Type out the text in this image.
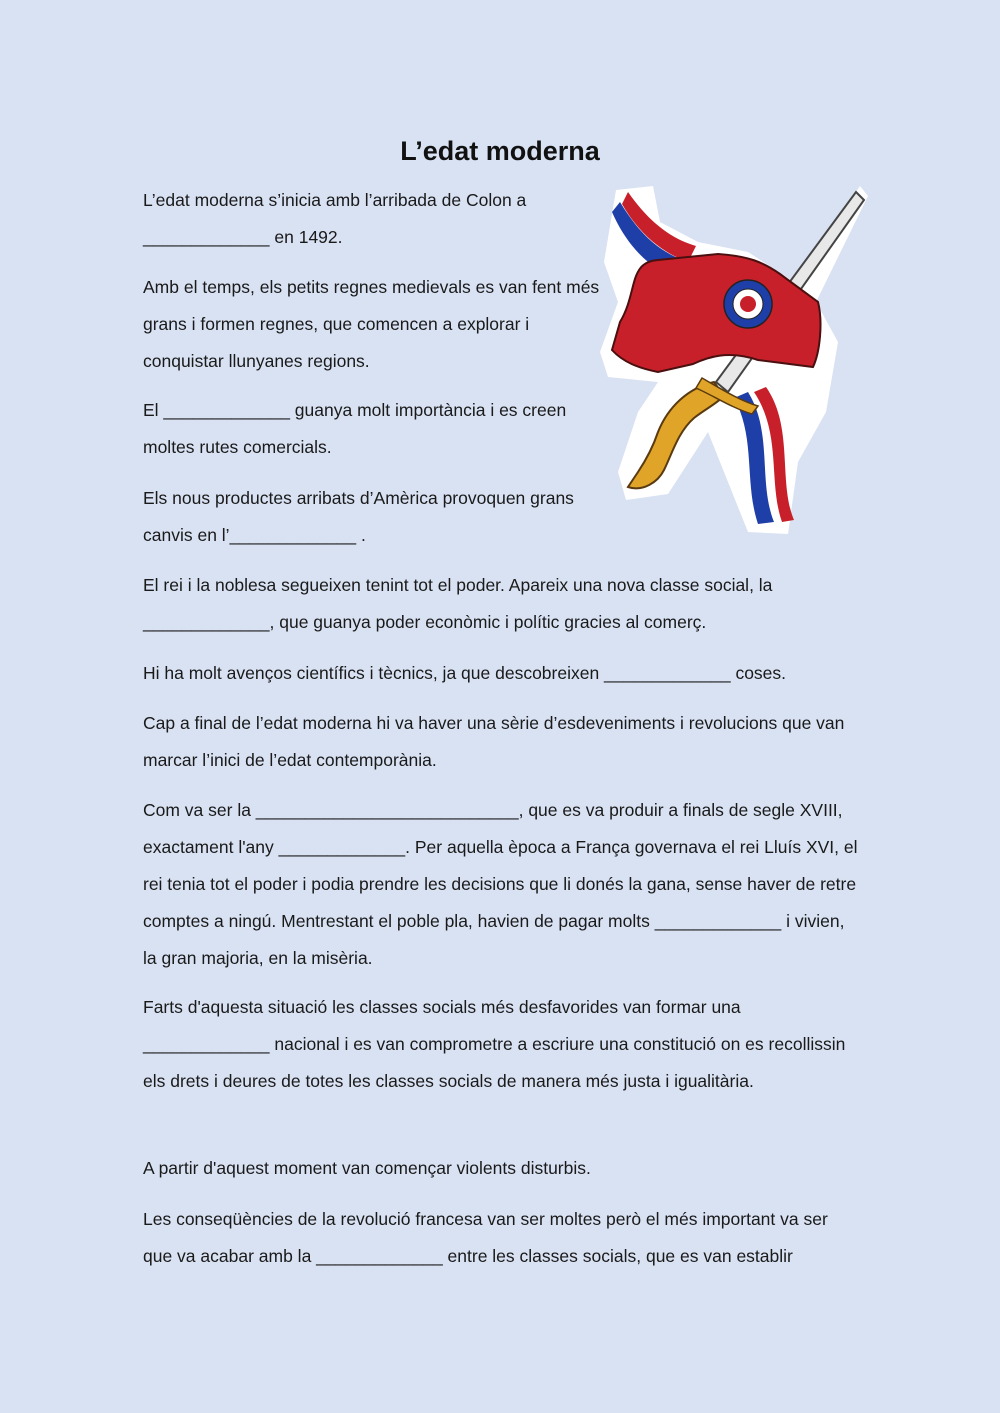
L’edat moderna

L’edat moderna s’inicia amb l’arribada de Colon a _____________ en 1492.

Amb el temps, els petits regnes medievals es van fent més grans i formen regnes, que comencen a explorar i conquistar llunyanes regions.

El _____________ guanya molt importància i es creen moltes rutes comercials.

Els nous productes arribats d’Amèrica provoquen grans canvis en l’_____________ .

El rei i la noblesa segueixen tenint tot el poder. Apareix una nova classe social, la _____________, que guanya poder econòmic i polític gracies al comerç.

Hi ha molt avenços científics i tècnics, ja que descobreixen _____________ coses.

Cap a final de l’edat moderna hi va haver una sèrie d’esdeveniments i revolucions que van marcar l’inici de l’edat contemporània.

Com va ser la ___________________________, que es va produir a finals de segle XVIII, exactament l'any _____________. Per aquella època a França governava el rei Lluís XVI, el rei tenia tot el poder i podia prendre les decisions que li donés la gana, sense haver de retre comptes a ningú. Mentrestant el poble pla, havien de pagar molts _____________ i vivien, la gran majoria, en la misèria.

Farts d'aquesta situació les classes socials més desfavorides van formar una _____________ nacional i es van comprometre a escriure una constitució on es recollissin els drets i deures de totes les classes socials de manera més justa i igualitària.

A partir d'aquest moment van començar violents disturbis.

Les conseqüències de la revolució francesa van ser moltes però el més important va ser que va acabar amb la _____________ entre les classes socials, que es van establir
